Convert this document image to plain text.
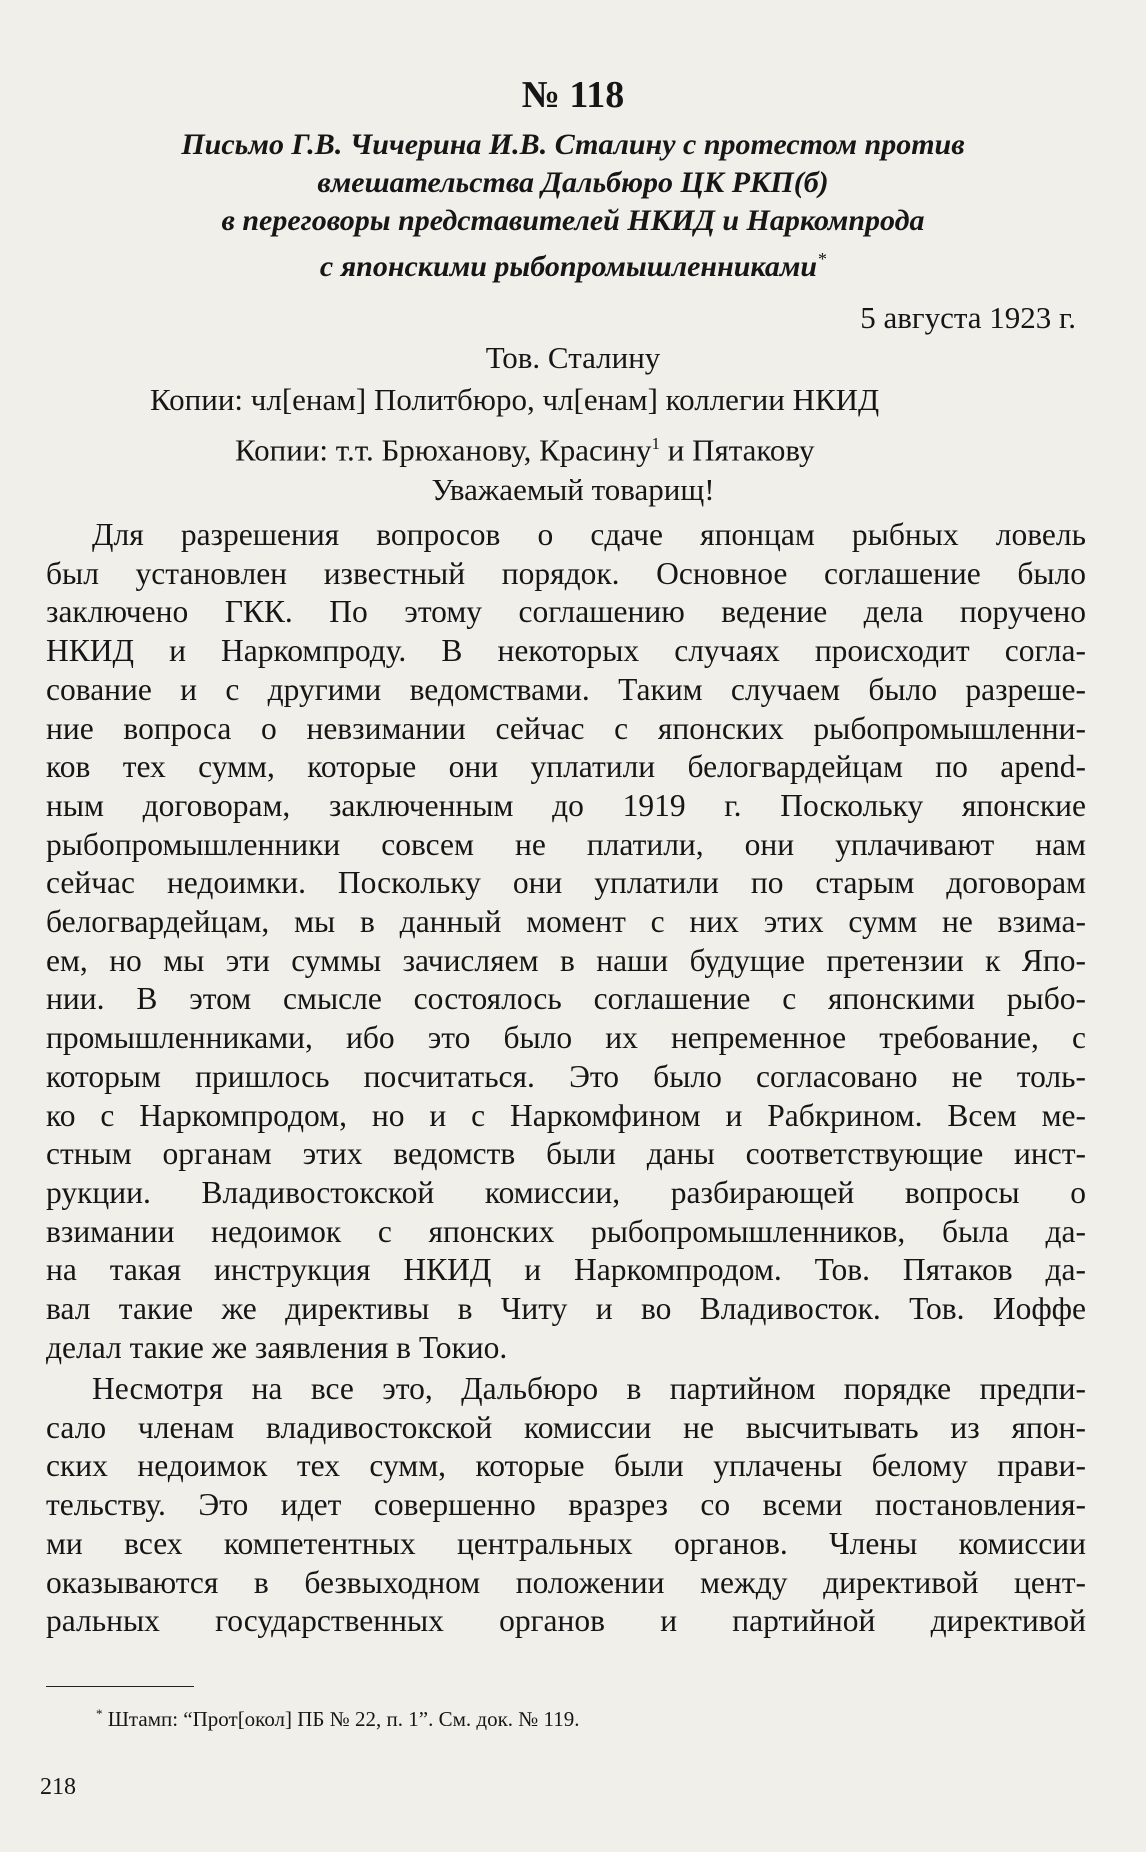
№ 118
Письмо Г.В. Чичерина И.В. Сталину с протестом против
вмешательства Дальбюро ЦК РКП(б)
в переговоры представителей НКИД и Наркомпрода
с японскими рыбопромышленниками*
5 августа 1923 г.
Тов. Сталину
Копии: чл[енам] Политбюро, чл[енам] коллегии НКИД
Копии: т.т. Брюханову, Красину$^1$ и Пятакову
Уважаемый товарищ!
Для разрешения вопросов о сдаче японцам рыбных ловель
был установлен известный порядок. Основное соглашение было
заключено ГКК. По этому соглашению ведение дела поручено
НКИД и Наркомпроду. В некоторых случаях происходит согла-
сование и с другими ведомствами. Таким случаем было разреше-
ние вопроса о невзимании сейчас с японских рыбопромышленни-
ков тех сумм, которые они уплатили белогвардейцам по арend-
ным договорам, заключенным до 1919 г. Поскольку японские
рыбопромышленники совсем не платили, они уплачивают нам
сейчас недоимки. Поскольку они уплатили по старым договорам
белогвардейцам, мы в данный момент с них этих сумм не взима-
ем, но мы эти суммы зачисляем в наши будущие претензии к Япо-
нии. В этом смысле состоялось соглашение с японскими рыбо-
промышленниками, ибо это было их непременное требование, с
которым пришлось посчитаться. Это было согласовано не толь-
ко с Наркомпродом, но и с Наркомфином и Рабкрином. Всем ме-
стным органам этих ведомств были даны соответствующие инст-
рукции. Владивостокской комиссии, разбирающей вопросы о
взимании недоимок с японских рыбопромышленников, была да-
на такая инструкция НКИД и Наркомпродом. Тов. Пятаков да-
вал такие же директивы в Читу и во Владивосток. Тов. Иоффе
делал такие же заявления в Токио.
Несмотря на все это, Дальбюро в партийном порядке предпи-
сало членам владивостокской комиссии не высчитывать из япон-
ских недоимок тех сумм, которые были уплачены белому прави-
тельству. Это идет совершенно вразрез со всеми постановления-
ми всех компетентных центральных органов. Члены комиссии
оказываются в безвыходном положении между директивой цент-
ральных государственных органов и партийной директивой
* Штамп: “Прот[окол] ПБ № 22, п. 1”. См. док. № 119.
218
